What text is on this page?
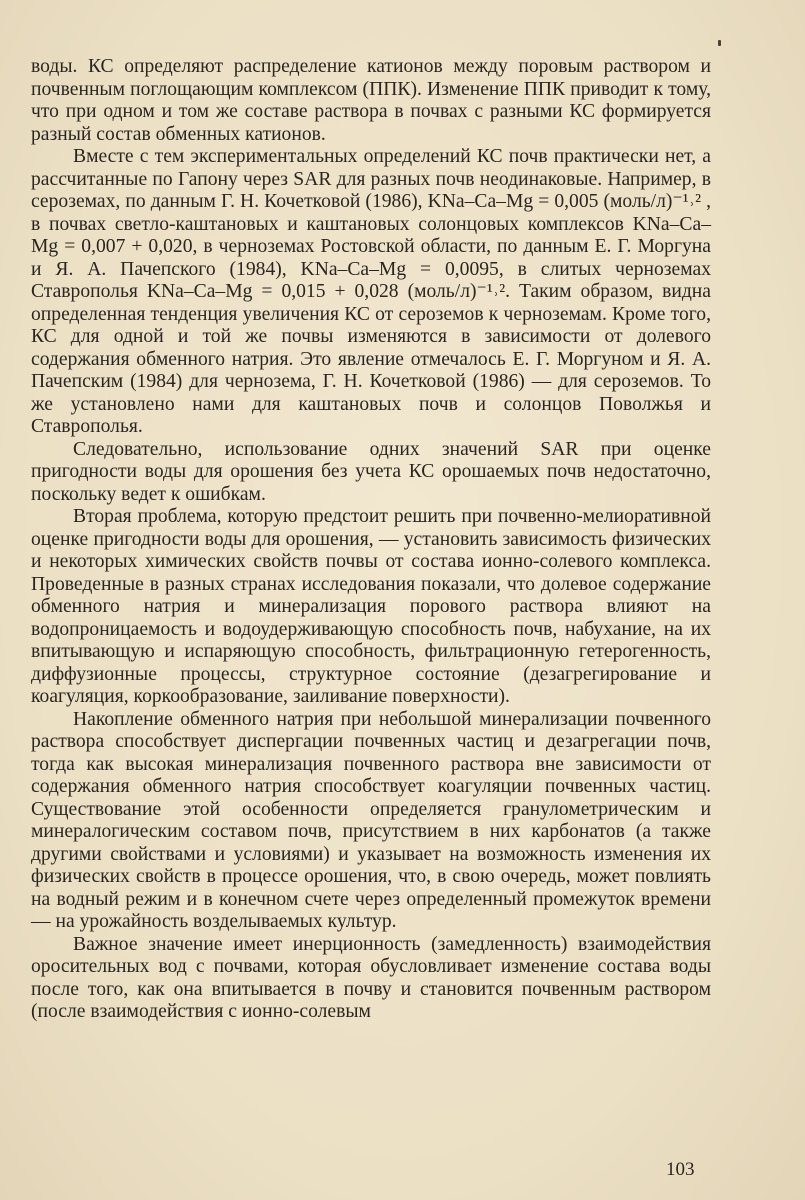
воды. КС определяют распределение катионов между поровым раствором и почвенным поглощающим комплексом (ППК). Изменение ППК приводит к тому, что при одном и том же составе раствора в почвах с разными КС формируется разный состав обменных катионов.

Вместе с тем экспериментальных определений КС почв практически нет, а рассчитанные по Гапону через SAR для разных почв неодинаковые. Например, в сероземах, по данным Г. Н. Кочетковой (1986), KNa–Ca–Mg = 0,005 (моль/л)⁻¹˒² , в почвах светло-каштановых и каштановых солонцовых комплексов KNa–Ca–Mg = 0,007 + 0,020, в черноземах Ростовской области, по данным Е. Г. Моргуна и Я. А. Пачепского (1984), KNa–Ca–Mg = 0,0095, в слитых черноземах Ставрополья KNa–Ca–Mg = 0,015 + 0,028 (моль/л)⁻¹˒². Таким образом, видна определенная тенденция увеличения КС от сероземов к черноземам. Кроме того, КС для одной и той же почвы изменяются в зависимости от долевого содержания обменного натрия. Это явление отмечалось Е. Г. Моргуном и Я. А. Пачепским (1984) для чернозема, Г. Н. Кочетковой (1986) — для сероземов. То же установлено нами для каштановых почв и солонцов Поволжья и Ставрополья.

Следовательно, использование одних значений SAR при оценке пригодности воды для орошения без учета КС орошаемых почв недостаточно, поскольку ведет к ошибкам.

Вторая проблема, которую предстоит решить при почвенно-мелиоративной оценке пригодности воды для орошения, — установить зависимость физических и некоторых химических свойств почвы от состава ионно-солевого комплекса. Проведенные в разных странах исследования показали, что долевое содержание обменного натрия и минерализация порового раствора влияют на водопроницаемость и водоудерживающую способность почв, набухание, на их впитывающую и испаряющую способность, фильтрационную гетерогенность, диффузионные процессы, структурное состояние (дезагрегирование и коагуляция, коркообразование, заиливание поверхности).

Накопление обменного натрия при небольшой минерализации почвенного раствора способствует диспергации почвенных частиц и дезагрегации почв, тогда как высокая минерализация почвенного раствора вне зависимости от содержания обменного натрия способствует коагуляции почвенных частиц. Существование этой особенности определяется гранулометрическим и минералогическим составом почв, присутствием в них карбонатов (а также другими свойствами и условиями) и указывает на возможность изменения их физических свойств в процессе орошения, что, в свою очередь, может повлиять на водный режим и в конечном счете через определенный промежуток времени — на урожайность возделываемых культур.

Важное значение имеет инерционность (замедленность) взаимодействия оросительных вод с почвами, которая обусловливает изменение состава воды после того, как она впитывается в почву и становится почвенным раствором (после взаимодействия с ионно-солевым

103
